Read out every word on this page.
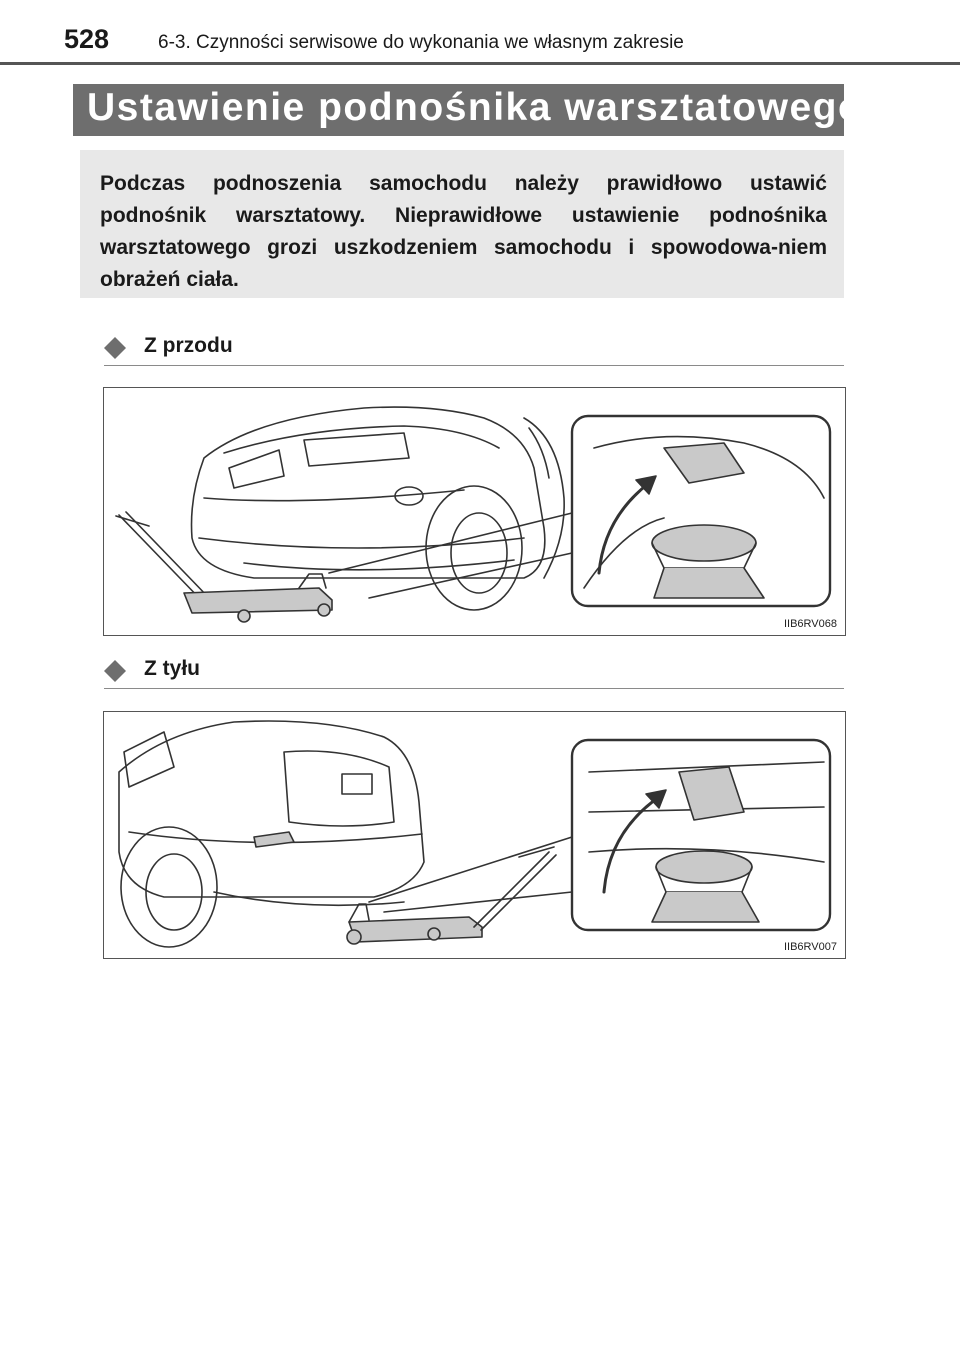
528	6-3. Czynności serwisowe do wykonania we własnym zakresie
Ustawienie podnośnika warsztatowego
Podczas podnoszenia samochodu należy prawidłowo ustawić podnośnik warsztatowy. Nieprawidłowe ustawienie podnośnika warsztatowego grozi uszkodzeniem samochodu i spowodowa-niem obrażeń ciała.
Z przodu
IIB6RV068
Z tyłu
IIB6RV007
